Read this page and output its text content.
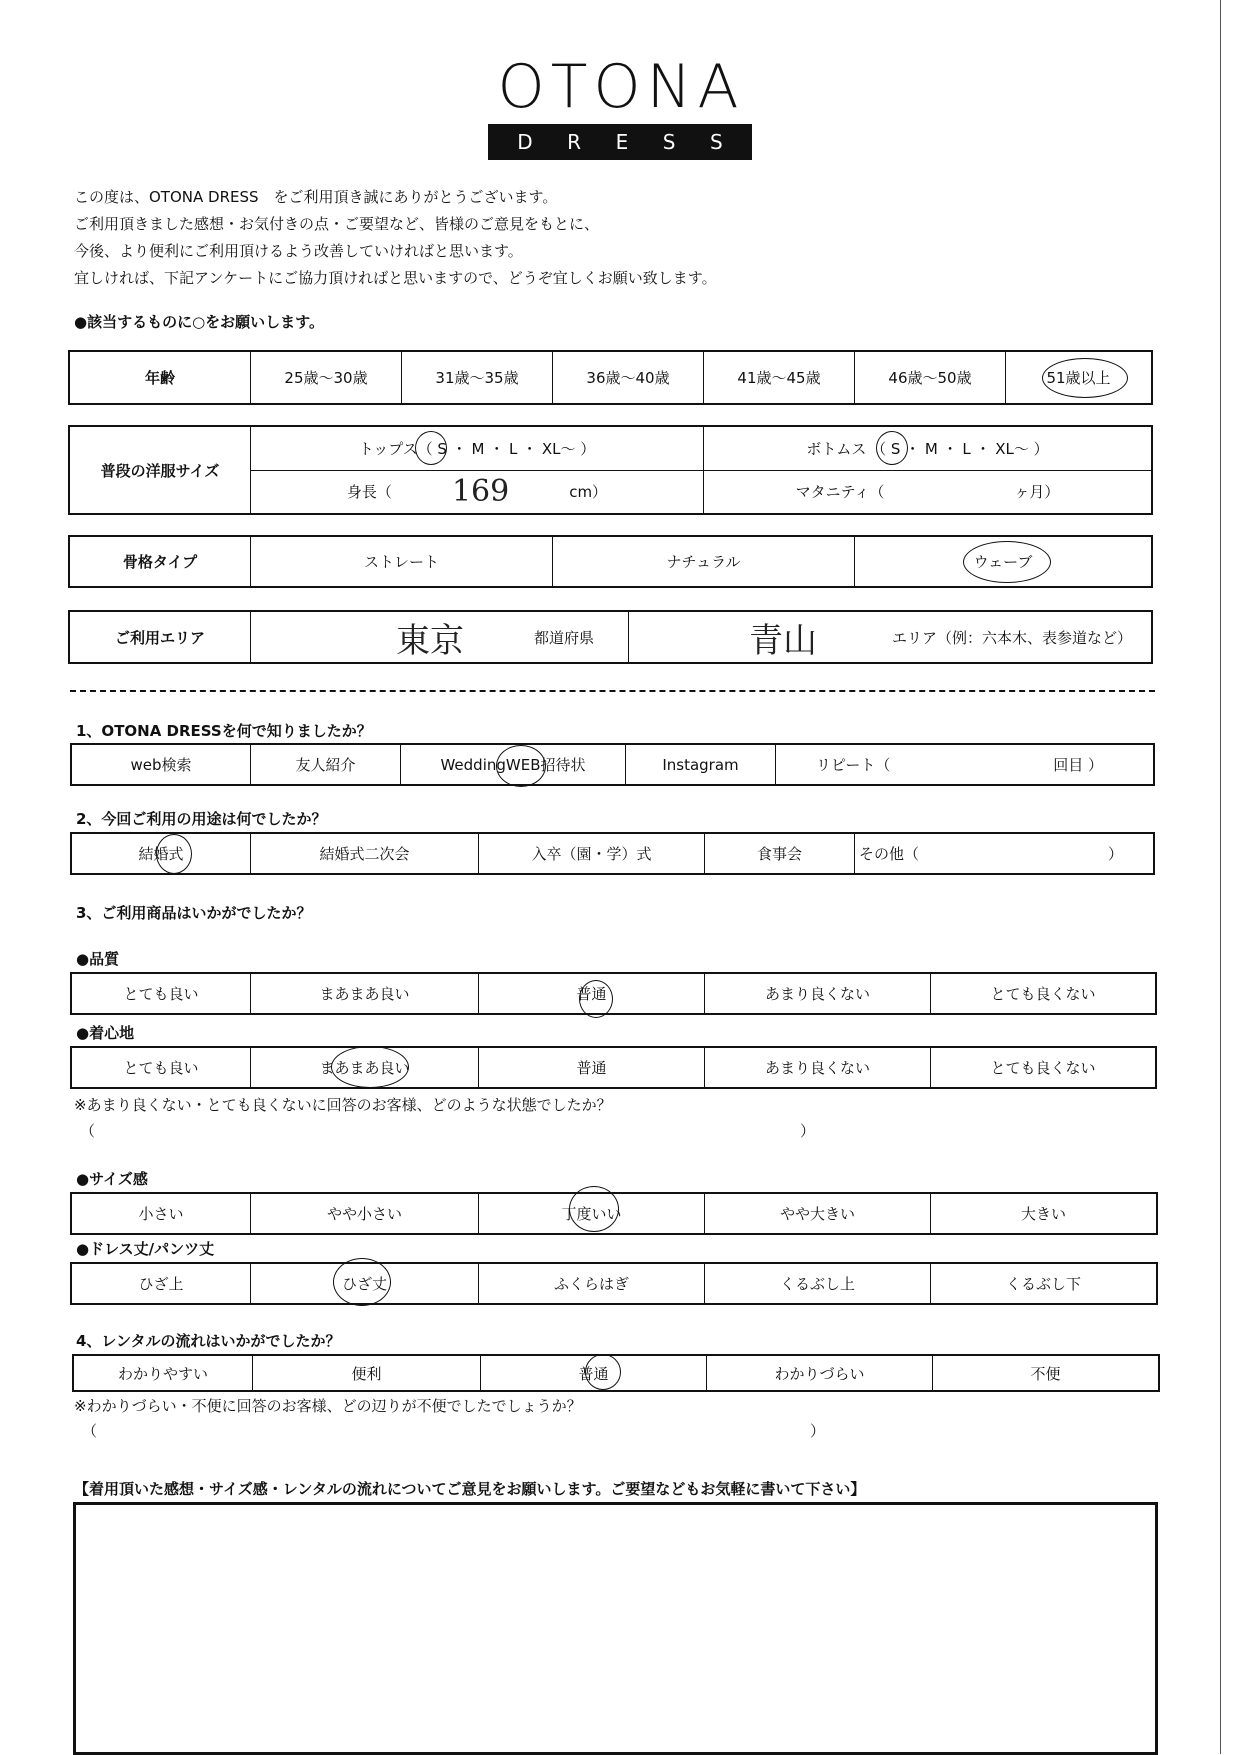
OTONA
D R E S S
この度は、OTONA DRESS　をご利用頂き誠にありがとうございます。
ご利用頂きました感想・お気付きの点・ご要望など、皆様のご意見をもとに、
今後、より便利にご利用頂けるよう改善していければと思います。
宜しければ、下記アンケートにご協力頂ければと思いますので、どうぞ宜しくお願い致します。
●該当するものに○をお願いします。
年齢	25歳～30歳	31歳～35歳	36歳～40歳	41歳～45歳	46歳～50歳	51歳以上
普段の洋服サイズ
トップス（ S ・ M ・ L ・ XL～ ）	ボトムス （ S ・ M ・ L ・ XL～ ）
身長（ 169	cm）	マタニティ（	ヶ月）
骨格タイプ	ストレート	ナチュラル	ウェーブ
ご利用エリア	東京	都道府県	青山	エリア（例：六本木、表参道など）
1、OTONA DRESSを何で知りましたか？
web検索	友人紹介	WeddingWEB招待状	Instagram	リピート（	回目 ）
2、今回ご利用の用途は何でしたか？
結婚式	結婚式二次会	入卒（園・学）式	食事会	その他（	）
3、ご利用商品はいかがでしたか？
●品質
とても良い	まあまあ良い	普通	あまり良くない	とても良くない
●着心地
とても良い	まあまあ良い	普通	あまり良くない	とても良くない
※あまり良くない・とても良くないに回答のお客様、どのような状態でしたか？
（	）
●サイズ感
小さい	やや小さい	丁度いい	やや大きい	大きい
●ドレス丈/パンツ丈
ひざ上	ひざ丈	ふくらはぎ	くるぶし上	くるぶし下
4、レンタルの流れはいかがでしたか？
わかりやすい	便利	普通	わかりづらい	不便
※わかりづらい・不便に回答のお客様、どの辺りが不便でしたでしょうか？
（	）
【着用頂いた感想・サイズ感・レンタルの流れについてご意見をお願いします。ご要望などもお気軽に書いて下さい】
